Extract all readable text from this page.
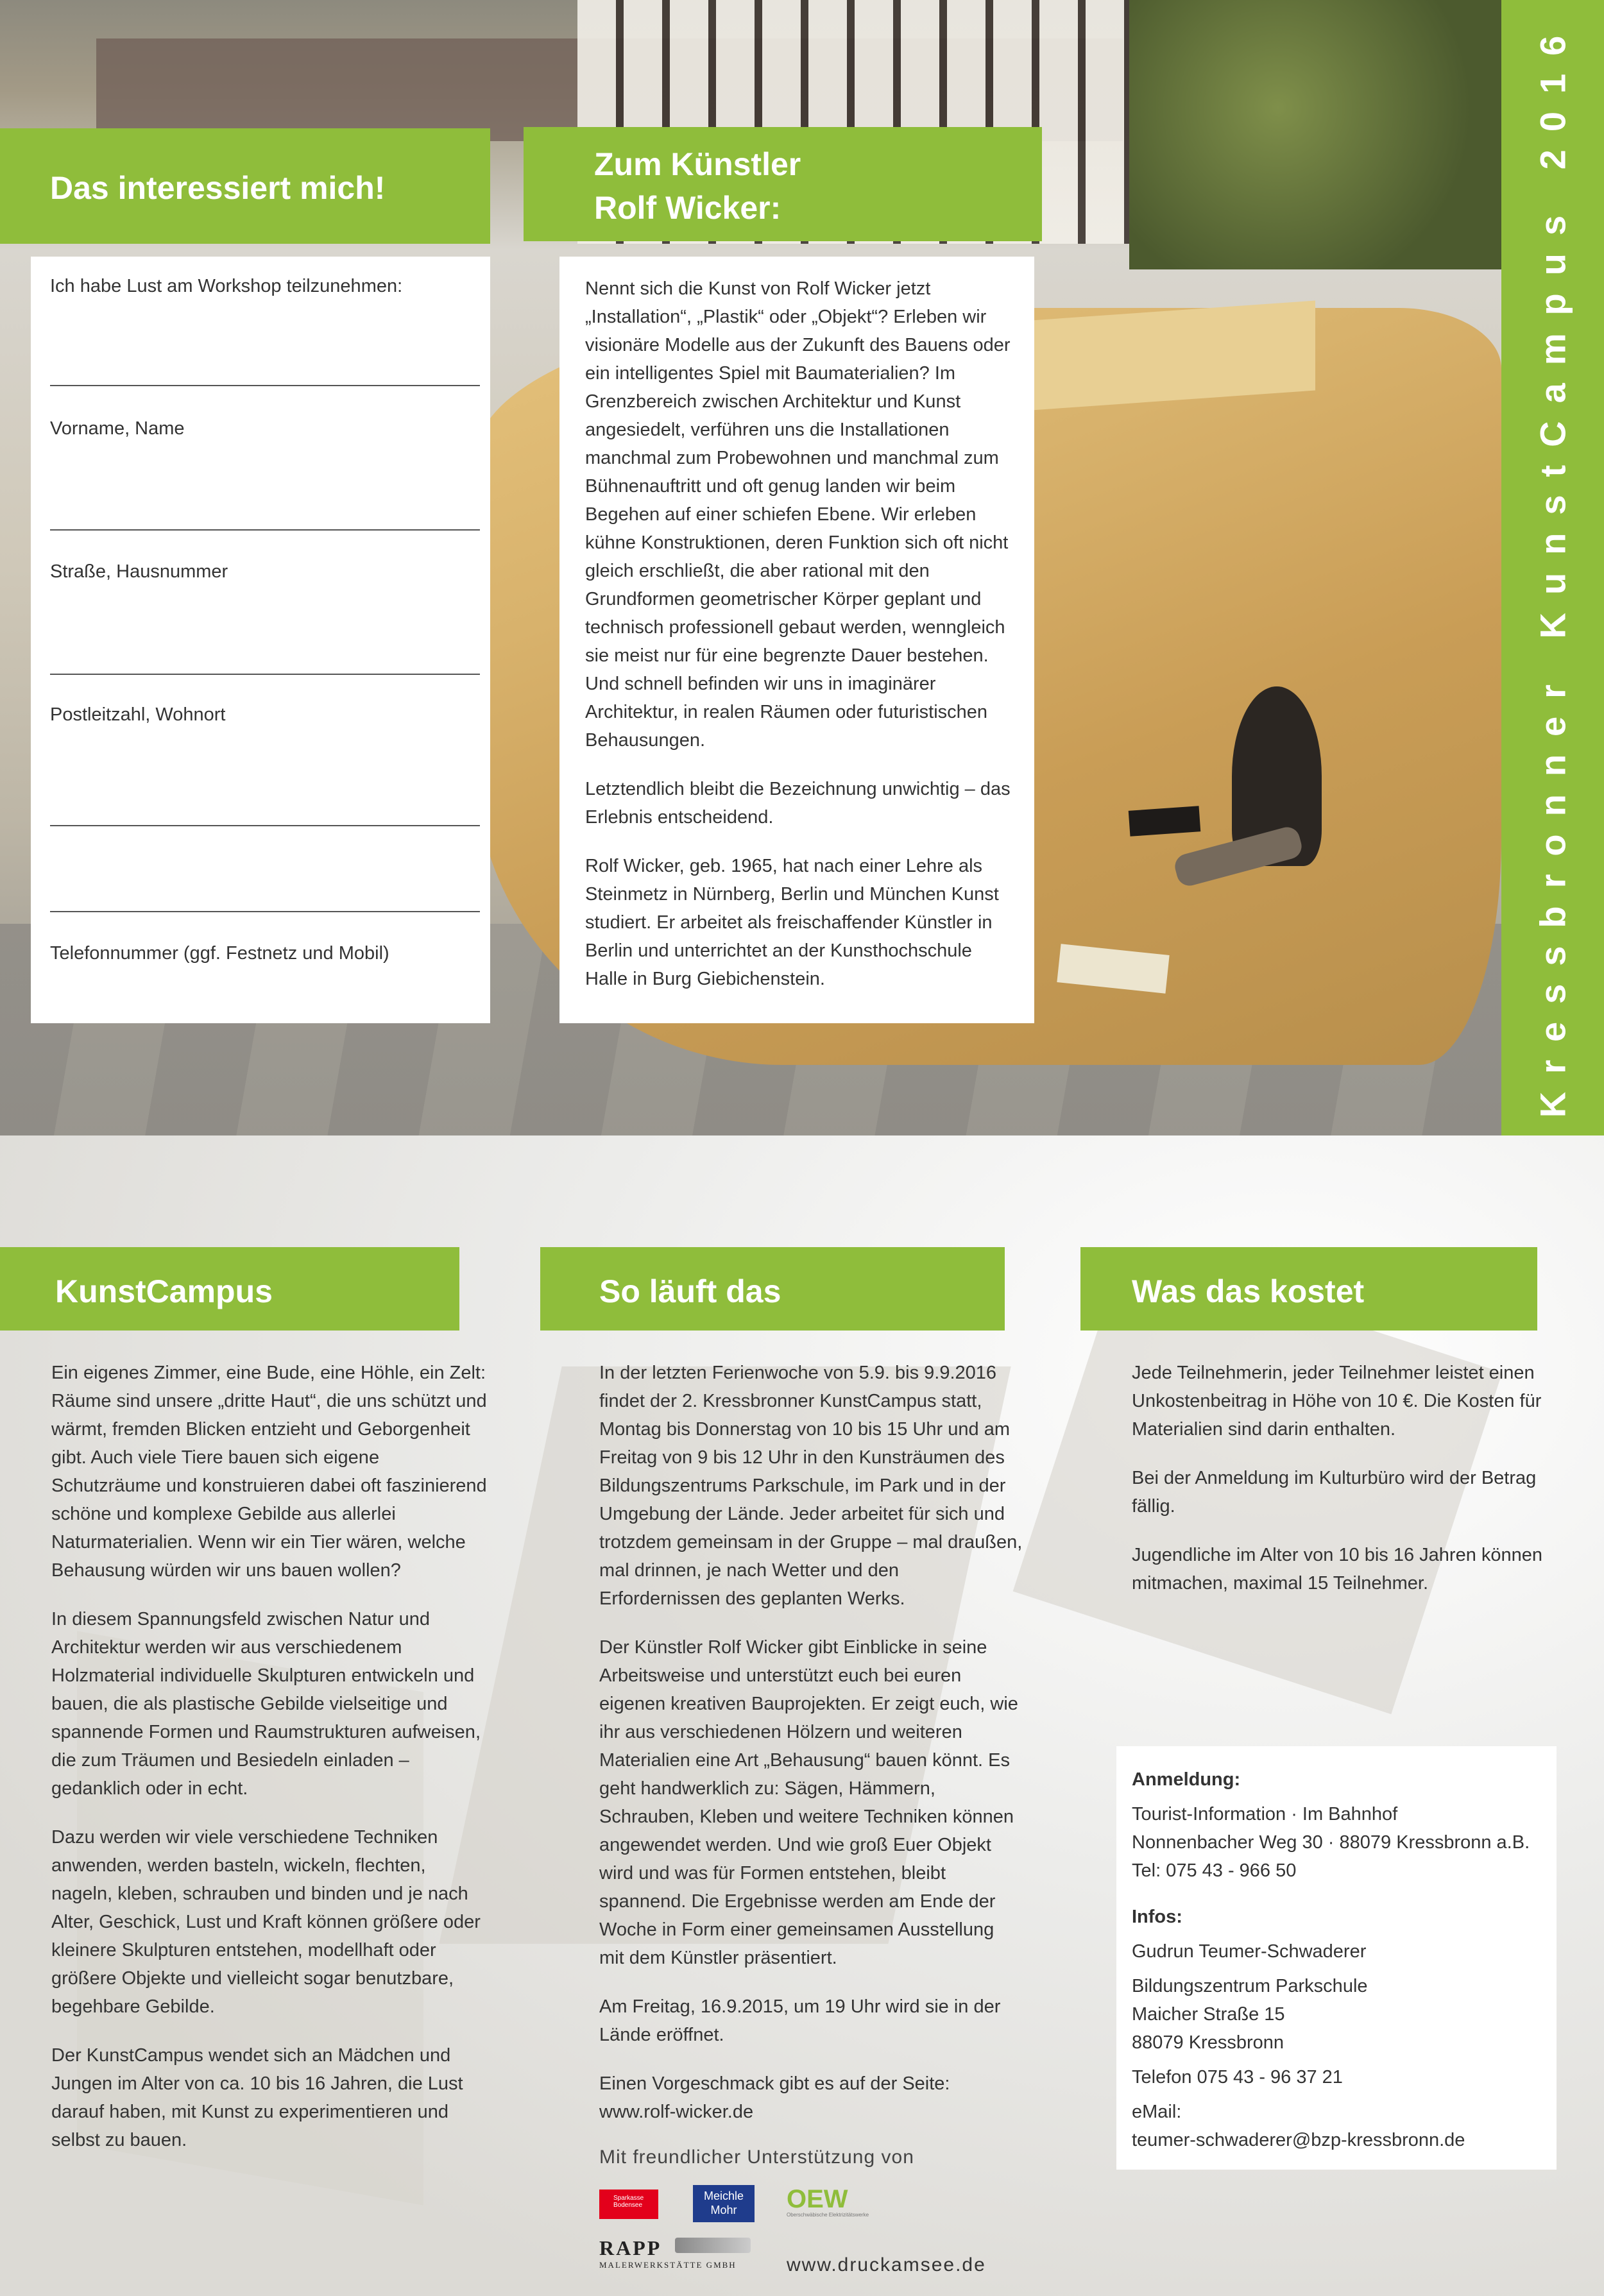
Kressbronner KunstCampus 2016
Das interessiert mich!
Ich habe Lust am Workshop teilzunehmen:
Vorname, Name
Straße, Hausnummer
Postleitzahl, Wohnort
Telefonnummer (ggf. Festnetz und Mobil)
Zum Künstler
Rolf Wicker:

Nennt sich die Kunst von Rolf Wicker jetzt „Installation“, „Plastik“ oder „Objekt“? Erleben wir visionäre Modelle aus der Zukunft des Bauens oder ein intelligentes Spiel mit Baumaterialien? Im Grenzbereich zwischen Architektur und Kunst angesiedelt, verführen uns die Installationen manchmal zum Probewohnen und manchmal zum Bühnenauftritt und oft genug landen wir beim Begehen auf einer schiefen Ebene. Wir erleben kühne Konstruktionen, deren Funktion sich oft nicht gleich erschließt, die aber rational mit den Grundformen geometrischer Körper geplant und technisch professionell gebaut werden, wenngleich sie meist nur für eine begrenzte Dauer bestehen. Und schnell befinden wir uns in imaginärer Architektur, in realen Räumen oder futuristischen Behausungen.

Letztendlich bleibt die Bezeichnung unwichtig – das Erlebnis entscheidend.

Rolf Wicker, geb. 1965, hat nach einer Lehre als Steinmetz in Nürnberg, Berlin und München Kunst studiert. Er arbeitet als freischaffender Künstler in Berlin und unterrichtet an der Kunsthochschule Halle in Burg Giebichenstein.

KunstCampus

Ein eigenes Zimmer, eine Bude, eine Höhle, ein Zelt: Räume sind unsere „dritte Haut“, die uns schützt und wärmt, fremden Blicken entzieht und Geborgenheit gibt. Auch viele Tiere bauen sich eigene Schutzräume und konstruieren dabei oft faszinierend schöne und komplexe Gebilde aus allerlei Naturmaterialien. Wenn wir ein Tier wären, welche Behausung würden wir uns bauen wollen?

In diesem Spannungsfeld zwischen Natur und Architektur werden wir aus verschiedenem Holzmaterial individuelle Skulpturen entwickeln und bauen, die als plastische Gebilde vielseitige und spannende Formen und Raumstrukturen aufweisen, die zum Träumen und Besiedeln einladen – gedanklich oder in echt.

Dazu werden wir viele verschiedene Techniken anwenden, werden basteln, wickeln, flechten, nageln, kleben, schrauben und binden und je nach Alter, Geschick, Lust und Kraft können größere oder kleinere Skulpturen entstehen, modellhaft oder größere Objekte und vielleicht sogar benutzbare, begehbare Gebilde.

Der KunstCampus wendet sich an Mädchen und Jungen im Alter von ca. 10 bis 16 Jahren, die Lust darauf haben, mit Kunst zu experimentieren und selbst zu bauen.

So läuft das

In der letzten Ferienwoche von 5.9. bis 9.9.2016 findet der 2. Kressbronner KunstCampus statt, Montag bis Donnerstag von 10 bis 15 Uhr und am Freitag von 9 bis 12 Uhr in den Kunsträumen des Bildungszentrums Parkschule, im Park und in der Umgebung der Lände. Jeder arbeitet für sich und trotzdem gemeinsam in der Gruppe – mal draußen, mal drinnen, je nach Wetter und den Erfordernissen des geplanten Werks.

Der Künstler Rolf Wicker gibt Einblicke in seine Arbeitsweise und unterstützt euch bei euren eigenen kreativen Bauprojekten. Er zeigt euch, wie ihr aus verschiedenen Hölzern und weiteren Materialien eine Art „Behausung“ bauen könnt. Es geht handwerklich zu: Sägen, Hämmern, Schrauben, Kleben und weitere Techniken können angewendet werden. Und wie groß Euer Objekt wird und was für Formen entstehen, bleibt spannend. Die Ergebnisse werden am Ende der Woche in Form einer gemeinsamen Ausstellung mit dem Künstler präsentiert.

Am Freitag, 16.9.2015, um 19 Uhr wird sie in der Lände eröffnet.

Einen Vorgeschmack gibt es auf der Seite:

www.rolf-wicker.de

Mit freundlicher Unterstützung von
Sparkasse
Bodensee
Meichle
Mohr	OEW
Oberschwäbische Elektrizitätswerke
RAPP
MALERWERKSTÄTTE GMBH	www.druckamsee.de
Was das kostet

Jede Teilnehmerin, jeder Teilnehmer leistet einen Unkostenbeitrag in Höhe von 10 €. Die Kosten für Materialien sind darin enthalten.

Bei der Anmeldung im Kulturbüro wird der Betrag fällig.

Jugendliche im Alter von 10 bis 16 Jahren können mitmachen, maximal 15 Teilnehmer.

Anmeldung:
Tourist-Information · Im Bahnhof
Nonnenbacher Weg 30 · 88079 Kressbronn a.B.
Tel: 075 43 - 966 50
Infos:
Gudrun Teumer-Schwaderer
Bildungszentrum Parkschule
Maicher Straße 15
88079 Kressbronn
Telefon 075 43 - 96 37 21
eMail:
teumer-schwaderer@bzp-kressbronn.de
